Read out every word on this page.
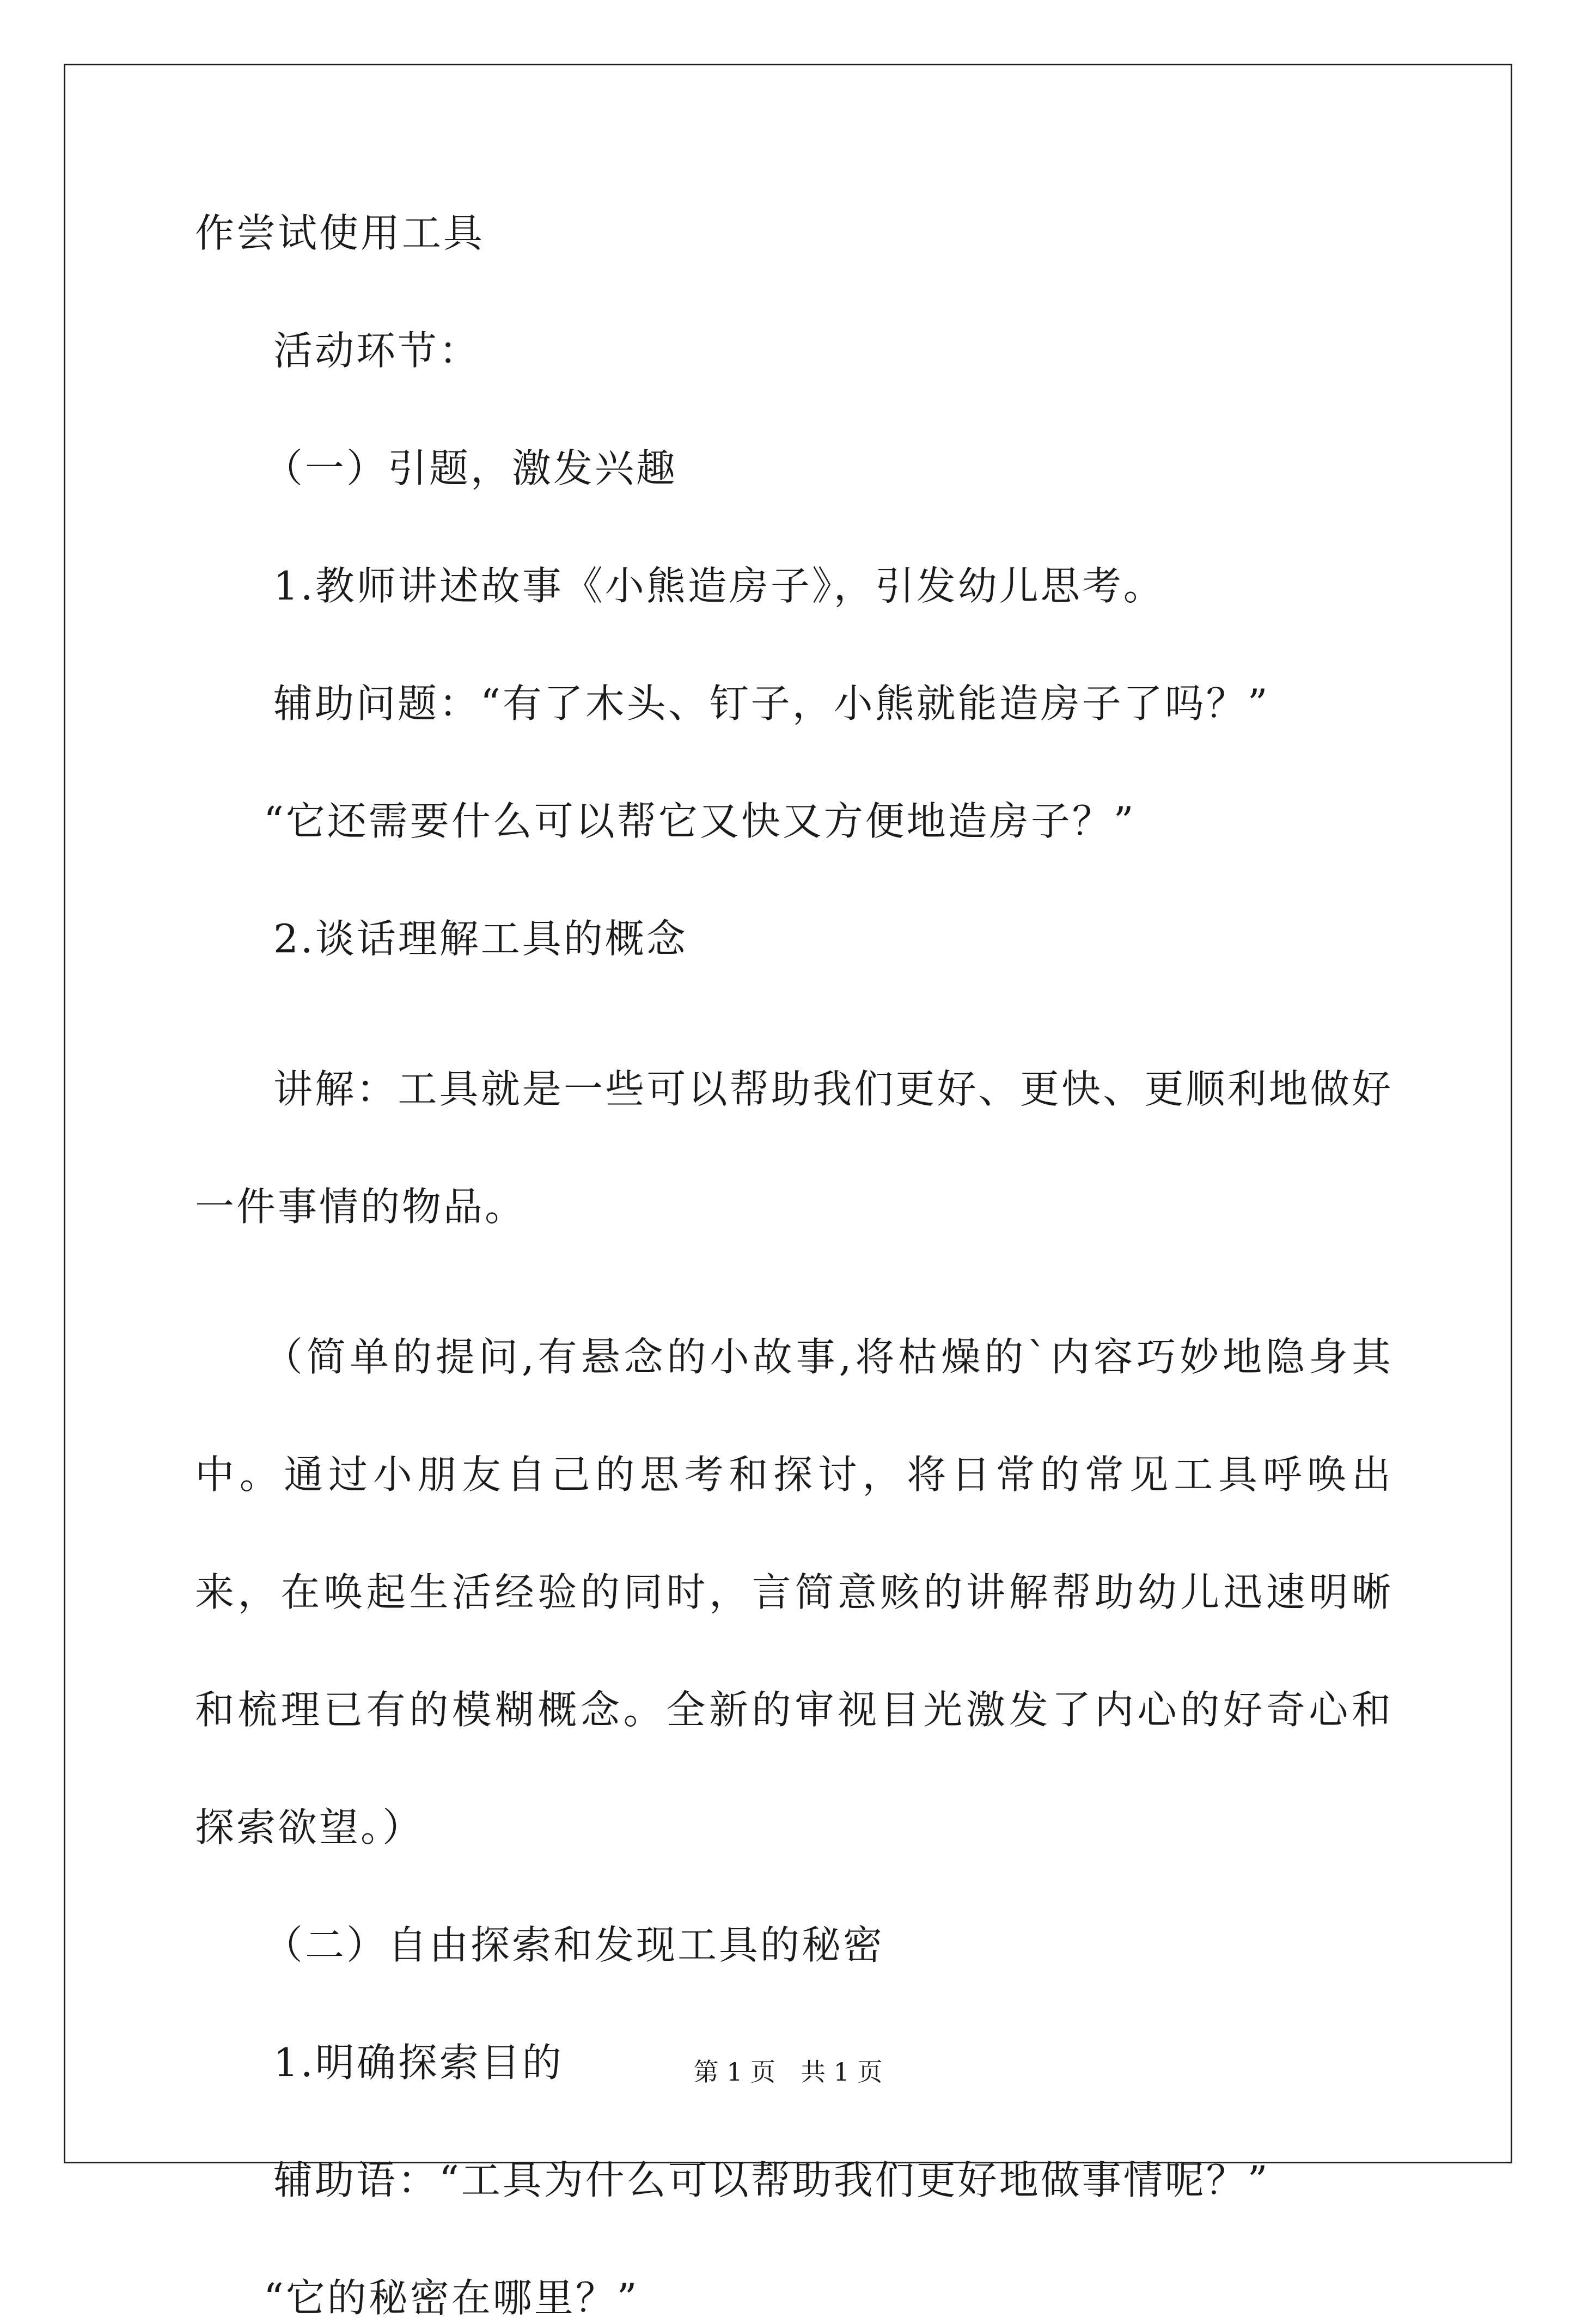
作尝试使用工具

活动环节：

（一）引题，激发兴趣

1.教师讲述故事《小熊造房子》，引发幼儿思考。

辅助问题：“有了木头、钉子，小熊就能造房子了吗？”

“它还需要什么可以帮它又快又方便地造房子？”

2.谈话理解工具的概念

讲解：工具就是一些可以帮助我们更好、更快、更顺利地做好一件事情的物品。

（简单的提问,有悬念的小故事,将枯燥的`内容巧妙地隐身其中。通过小朋友自己的思考和探讨，将日常的常见工具呼唤出来，在唤起生活经验的同时，言简意赅的讲解帮助幼儿迅速明晰和梳理已有的模糊概念。全新的审视目光激发了内心的好奇心和探索欲望。）

（二）自由探索和发现工具的秘密

1.明确探索目的

辅助语：“工具为什么可以帮助我们更好地做事情呢？”

“它的秘密在哪里？”

第 1 页　共 1 页
